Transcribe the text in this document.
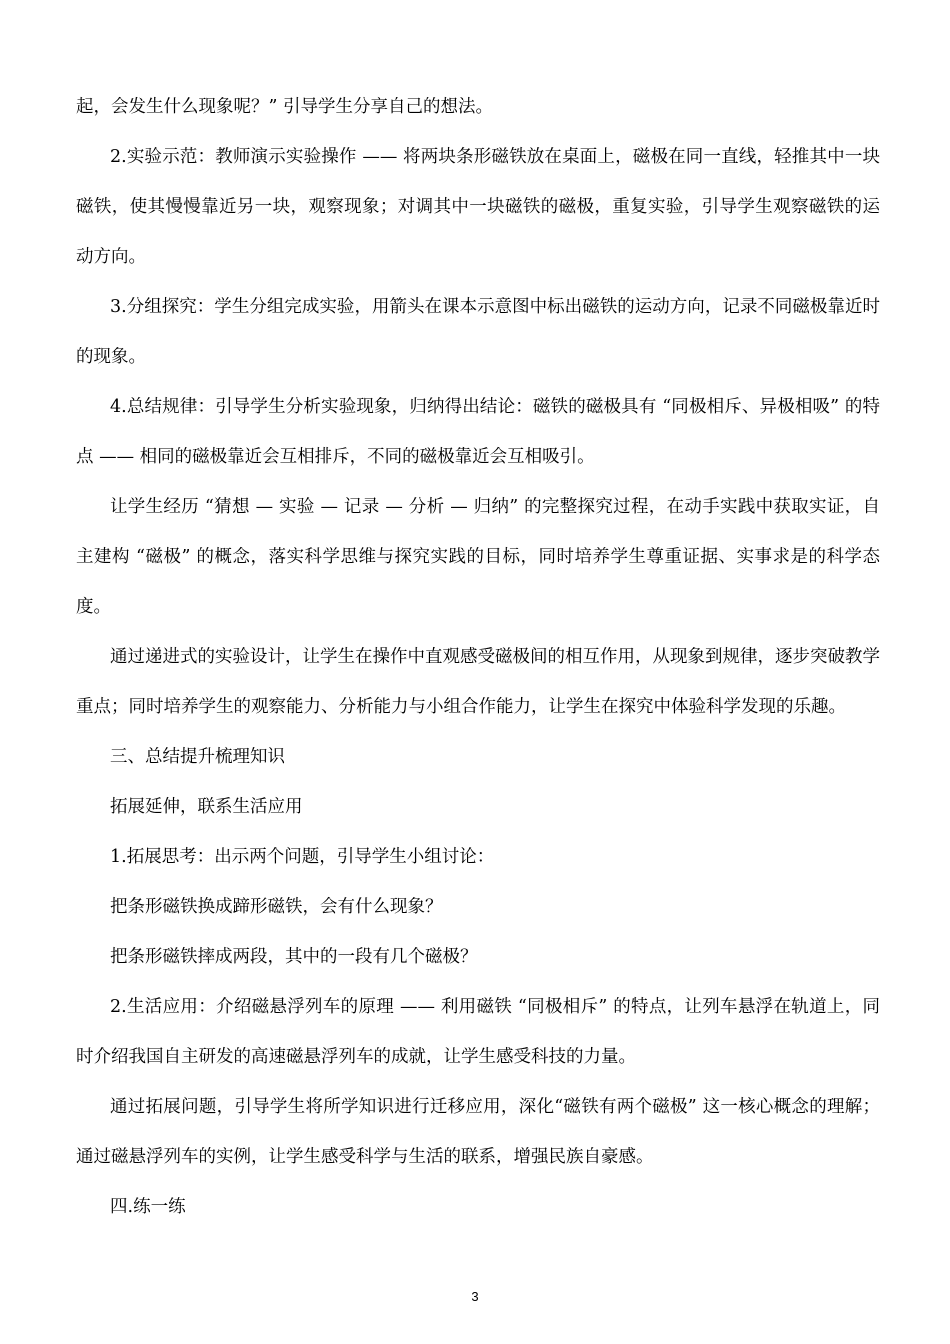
起，会发生什么现象呢？” 引导学生分享自己的想法。

2.实验示范：教师演示实验操作 —— 将两块条形磁铁放在桌面上，磁极在同一直线，轻推其中一块磁铁，使其慢慢靠近另一块，观察现象；对调其中一块磁铁的磁极，重复实验，引导学生观察磁铁的运动方向。

3.分组探究：学生分组完成实验，用箭头在课本示意图中标出磁铁的运动方向，记录不同磁极靠近时的现象。

4.总结规律：引导学生分析实验现象，归纳得出结论：磁铁的磁极具有 “同极相斥、异极相吸” 的特点 —— 相同的磁极靠近会互相排斥，不同的磁极靠近会互相吸引。

让学生经历 “猜想 — 实验 — 记录 — 分析 — 归纳” 的完整探究过程，在动手实践中获取实证，自主建构 “磁极” 的概念，落实科学思维与探究实践的目标，同时培养学生尊重证据、实事求是的科学态度。

通过递进式的实验设计，让学生在操作中直观感受磁极间的相互作用，从现象到规律，逐步突破教学重点；同时培养学生的观察能力、分析能力与小组合作能力，让学生在探究中体验科学发现的乐趣。

三、总结提升梳理知识

拓展延伸，联系生活应用

1.拓展思考：出示两个问题，引导学生小组讨论：

把条形磁铁换成蹄形磁铁，会有什么现象？

把条形磁铁摔成两段，其中的一段有几个磁极？

2.生活应用：介绍磁悬浮列车的原理 —— 利用磁铁 “同极相斥” 的特点，让列车悬浮在轨道上，同时介绍我国自主研发的高速磁悬浮列车的成就，让学生感受科技的力量。

通过拓展问题，引导学生将所学知识进行迁移应用，深化“磁铁有两个磁极” 这一核心概念的理解；通过磁悬浮列车的实例，让学生感受科学与生活的联系，增强民族自豪感。

四.练一练

3
